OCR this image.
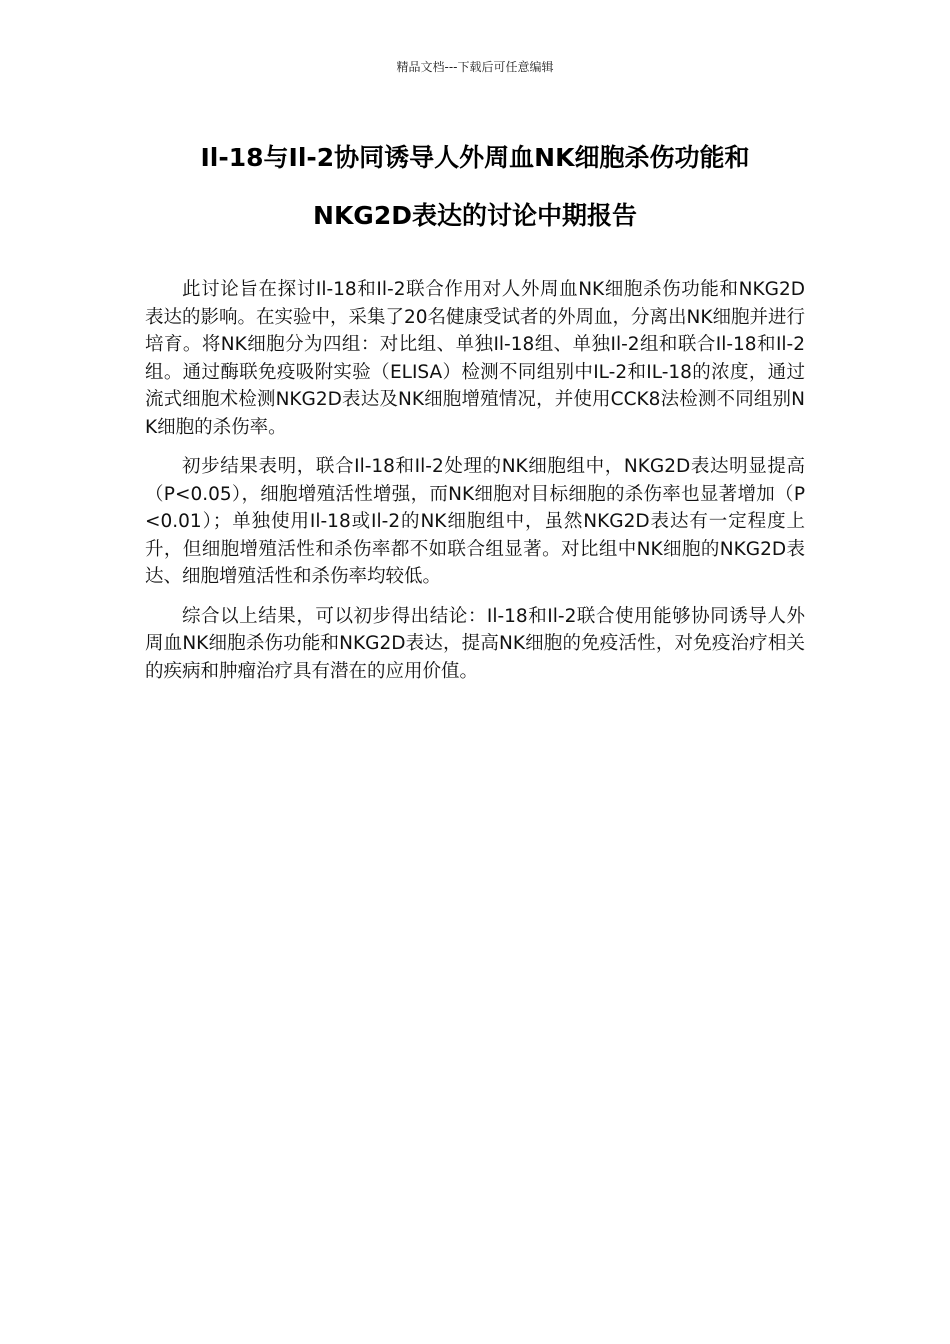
精品文档---下载后可任意编辑
Il-18与Il-2协同诱导人外周血NK细胞杀伤功能和
NKG2D表达的讨论中期报告

此讨论旨在探讨Il-18和Il-2联合作用对人外周血NK细胞杀伤功能和NKG2D表达的影响。在实验中，采集了20名健康受试者的外周血，分离出NK细胞并进行培育。将NK细胞分为四组：对比组、单独Il-18组、单独Il-2组和联合Il-18和Il-2组。通过酶联免疫吸附实验（ELISA）检测不同组别中IL-2和IL-18的浓度，通过流式细胞术检测NKG2D表达及NK细胞增殖情况，并使用CCK8法检测不同组别NK细胞的杀伤率。

初步结果表明，联合Il-18和Il-2处理的NK细胞组中，NKG2D表达明显提高（P<0.05），细胞增殖活性增强，而NK细胞对目标细胞的杀伤率也显著增加（P<0.01）；单独使用Il-18或Il-2的NK细胞组中，虽然NKG2D表达有一定程度上升，但细胞增殖活性和杀伤率都不如联合组显著。对比组中NK细胞的NKG2D表达、细胞增殖活性和杀伤率均较低。

综合以上结果，可以初步得出结论：Il-18和Il-2联合使用能够协同诱导人外周血NK细胞杀伤功能和NKG2D表达，提高NK细胞的免疫活性，对免疫治疗相关的疾病和肿瘤治疗具有潜在的应用价值。
